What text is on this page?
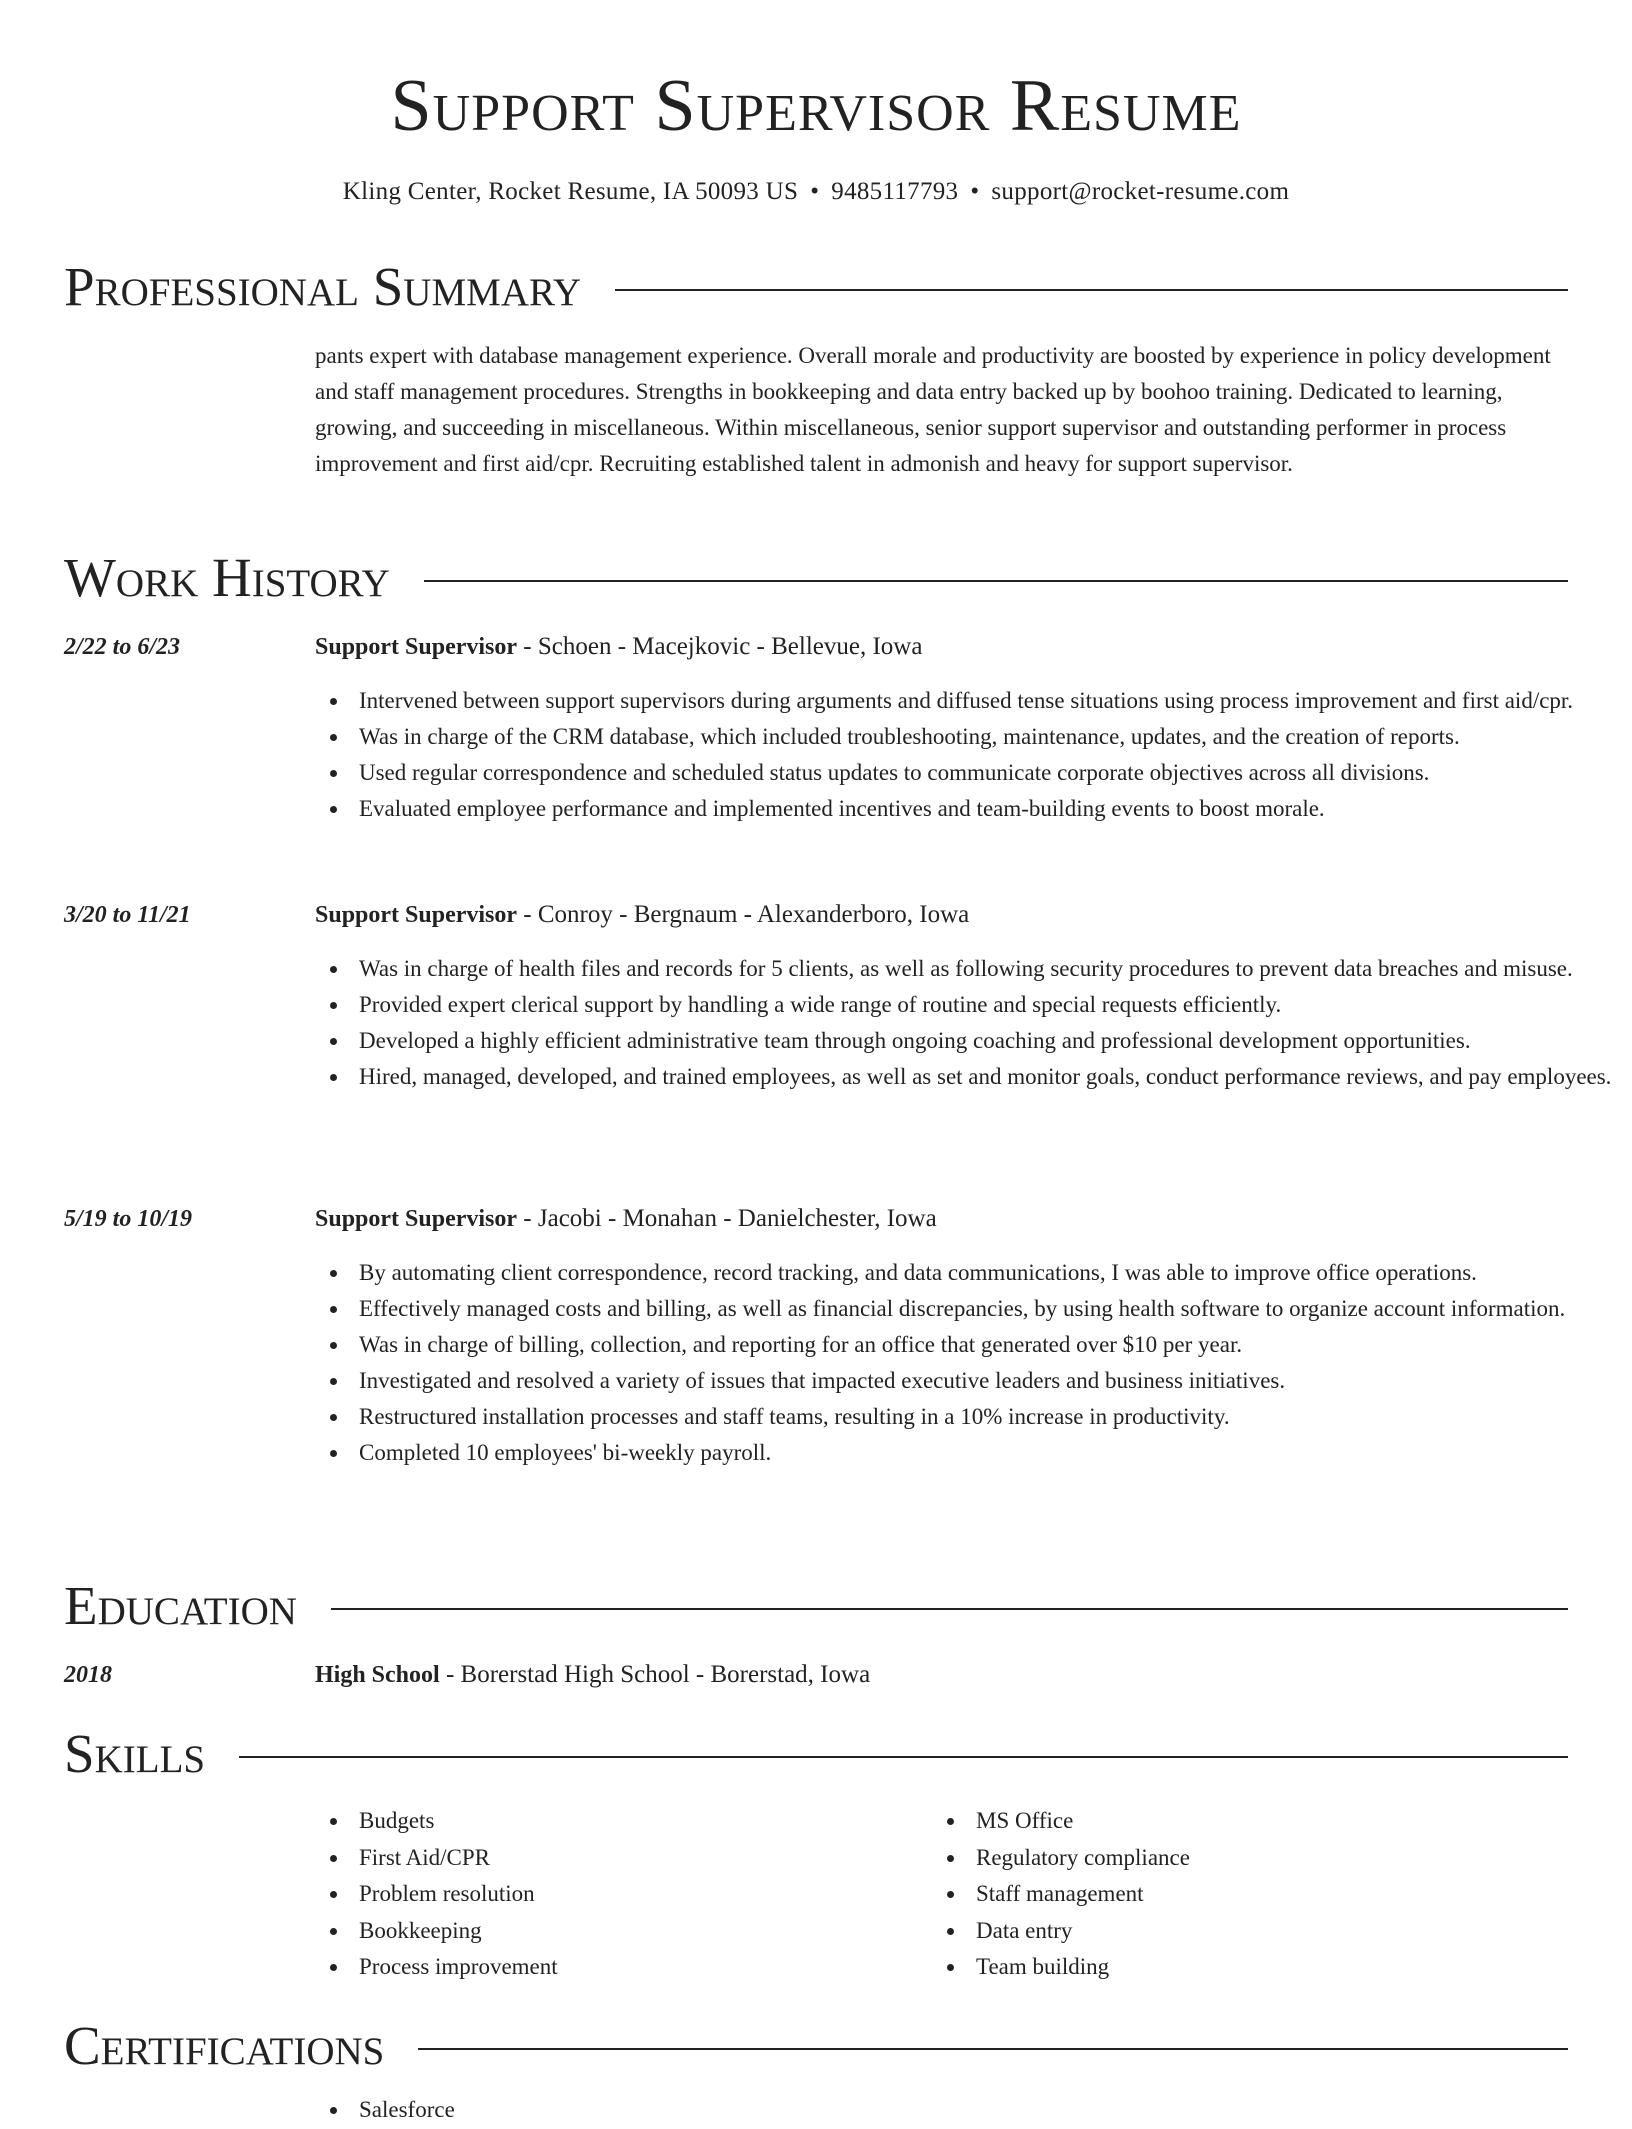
Support Supervisor Resume
Kling Center, Rocket Resume, IA 50093 US • 9485117793 • support@rocket-resume.com
Professional Summary
pants expert with database management experience. Overall morale and productivity are boosted by experience in policy development and staff management procedures. Strengths in bookkeeping and data entry backed up by boohoo training. Dedicated to learning, growing, and succeeding in miscellaneous. Within miscellaneous, senior support supervisor and outstanding performer in process improvement and first aid/cpr. Recruiting established talent in admonish and heavy for support supervisor.
Work History
2/22 to 6/23	Support Supervisor - Schoen - Macejkovic - Bellevue, Iowa
Intervened between support supervisors during arguments and diffused tense situations using process improvement and first aid/cpr.
Was in charge of the CRM database, which included troubleshooting, maintenance, updates, and the creation of reports.
Used regular correspondence and scheduled status updates to communicate corporate objectives across all divisions.
Evaluated employee performance and implemented incentives and team-building events to boost morale.
3/20 to 11/21	Support Supervisor - Conroy - Bergnaum - Alexanderboro, Iowa
Was in charge of health files and records for 5 clients, as well as following security procedures to prevent data breaches and misuse.
Provided expert clerical support by handling a wide range of routine and special requests efficiently.
Developed a highly efficient administrative team through ongoing coaching and professional development opportunities.
Hired, managed, developed, and trained employees, as well as set and monitor goals, conduct performance reviews, and pay employees.
5/19 to 10/19	Support Supervisor - Jacobi - Monahan - Danielchester, Iowa
By automating client correspondence, record tracking, and data communications, I was able to improve office operations.
Effectively managed costs and billing, as well as financial discrepancies, by using health software to organize account information.
Was in charge of billing, collection, and reporting for an office that generated over $10 per year.
Investigated and resolved a variety of issues that impacted executive leaders and business initiatives.
Restructured installation processes and staff teams, resulting in a 10% increase in productivity.
Completed 10 employees' bi-weekly payroll.
Education
2018	High School - Borerstad High School - Borerstad, Iowa
Skills
Budgets
First Aid/CPR
Problem resolution
Bookkeeping
Process improvement
MS Office
Regulatory compliance
Staff management
Data entry
Team building
Certifications
Salesforce
